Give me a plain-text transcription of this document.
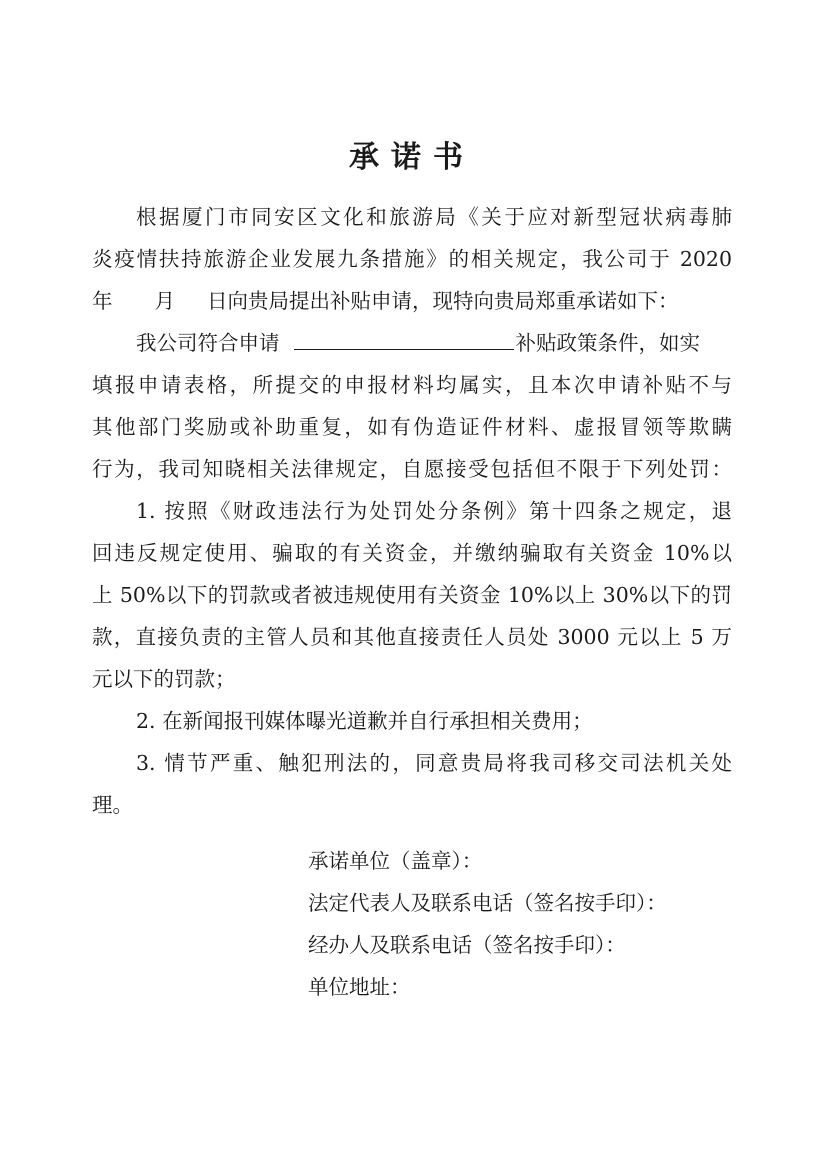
承诺书
根据厦门市同安区文化和旅游局《关于应对新型冠状病毒肺
炎疫情扶持旅游企业发展九条措施》的相关规定，我公司于 2020
年 月 日向贵局提出补贴申请，现特向贵局郑重承诺如下：
我公司符合申请	补贴政策条件，如实
填报申请表格，所提交的申报材料均属实，且本次申请补贴不与
其他部门奖励或补助重复，如有伪造证件材料、虚报冒领等欺瞒
行为，我司知晓相关法律规定，自愿接受包括但不限于下列处罚：
1. 按照《财政违法行为处罚处分条例》第十四条之规定，退
回违反规定使用、骗取的有关资金，并缴纳骗取有关资金 10%以
上 50%以下的罚款或者被违规使用有关资金 10%以上 30%以下的罚
款，直接负责的主管人员和其他直接责任人员处 3000 元以上 5 万
元以下的罚款；
2. 在新闻报刊媒体曝光道歉并自行承担相关费用；
3. 情节严重、触犯刑法的，同意贵局将我司移交司法机关处
理。
承诺单位（盖章）：
法定代表人及联系电话（签名按手印）：
经办人及联系电话（签名按手印）：
单位地址：
